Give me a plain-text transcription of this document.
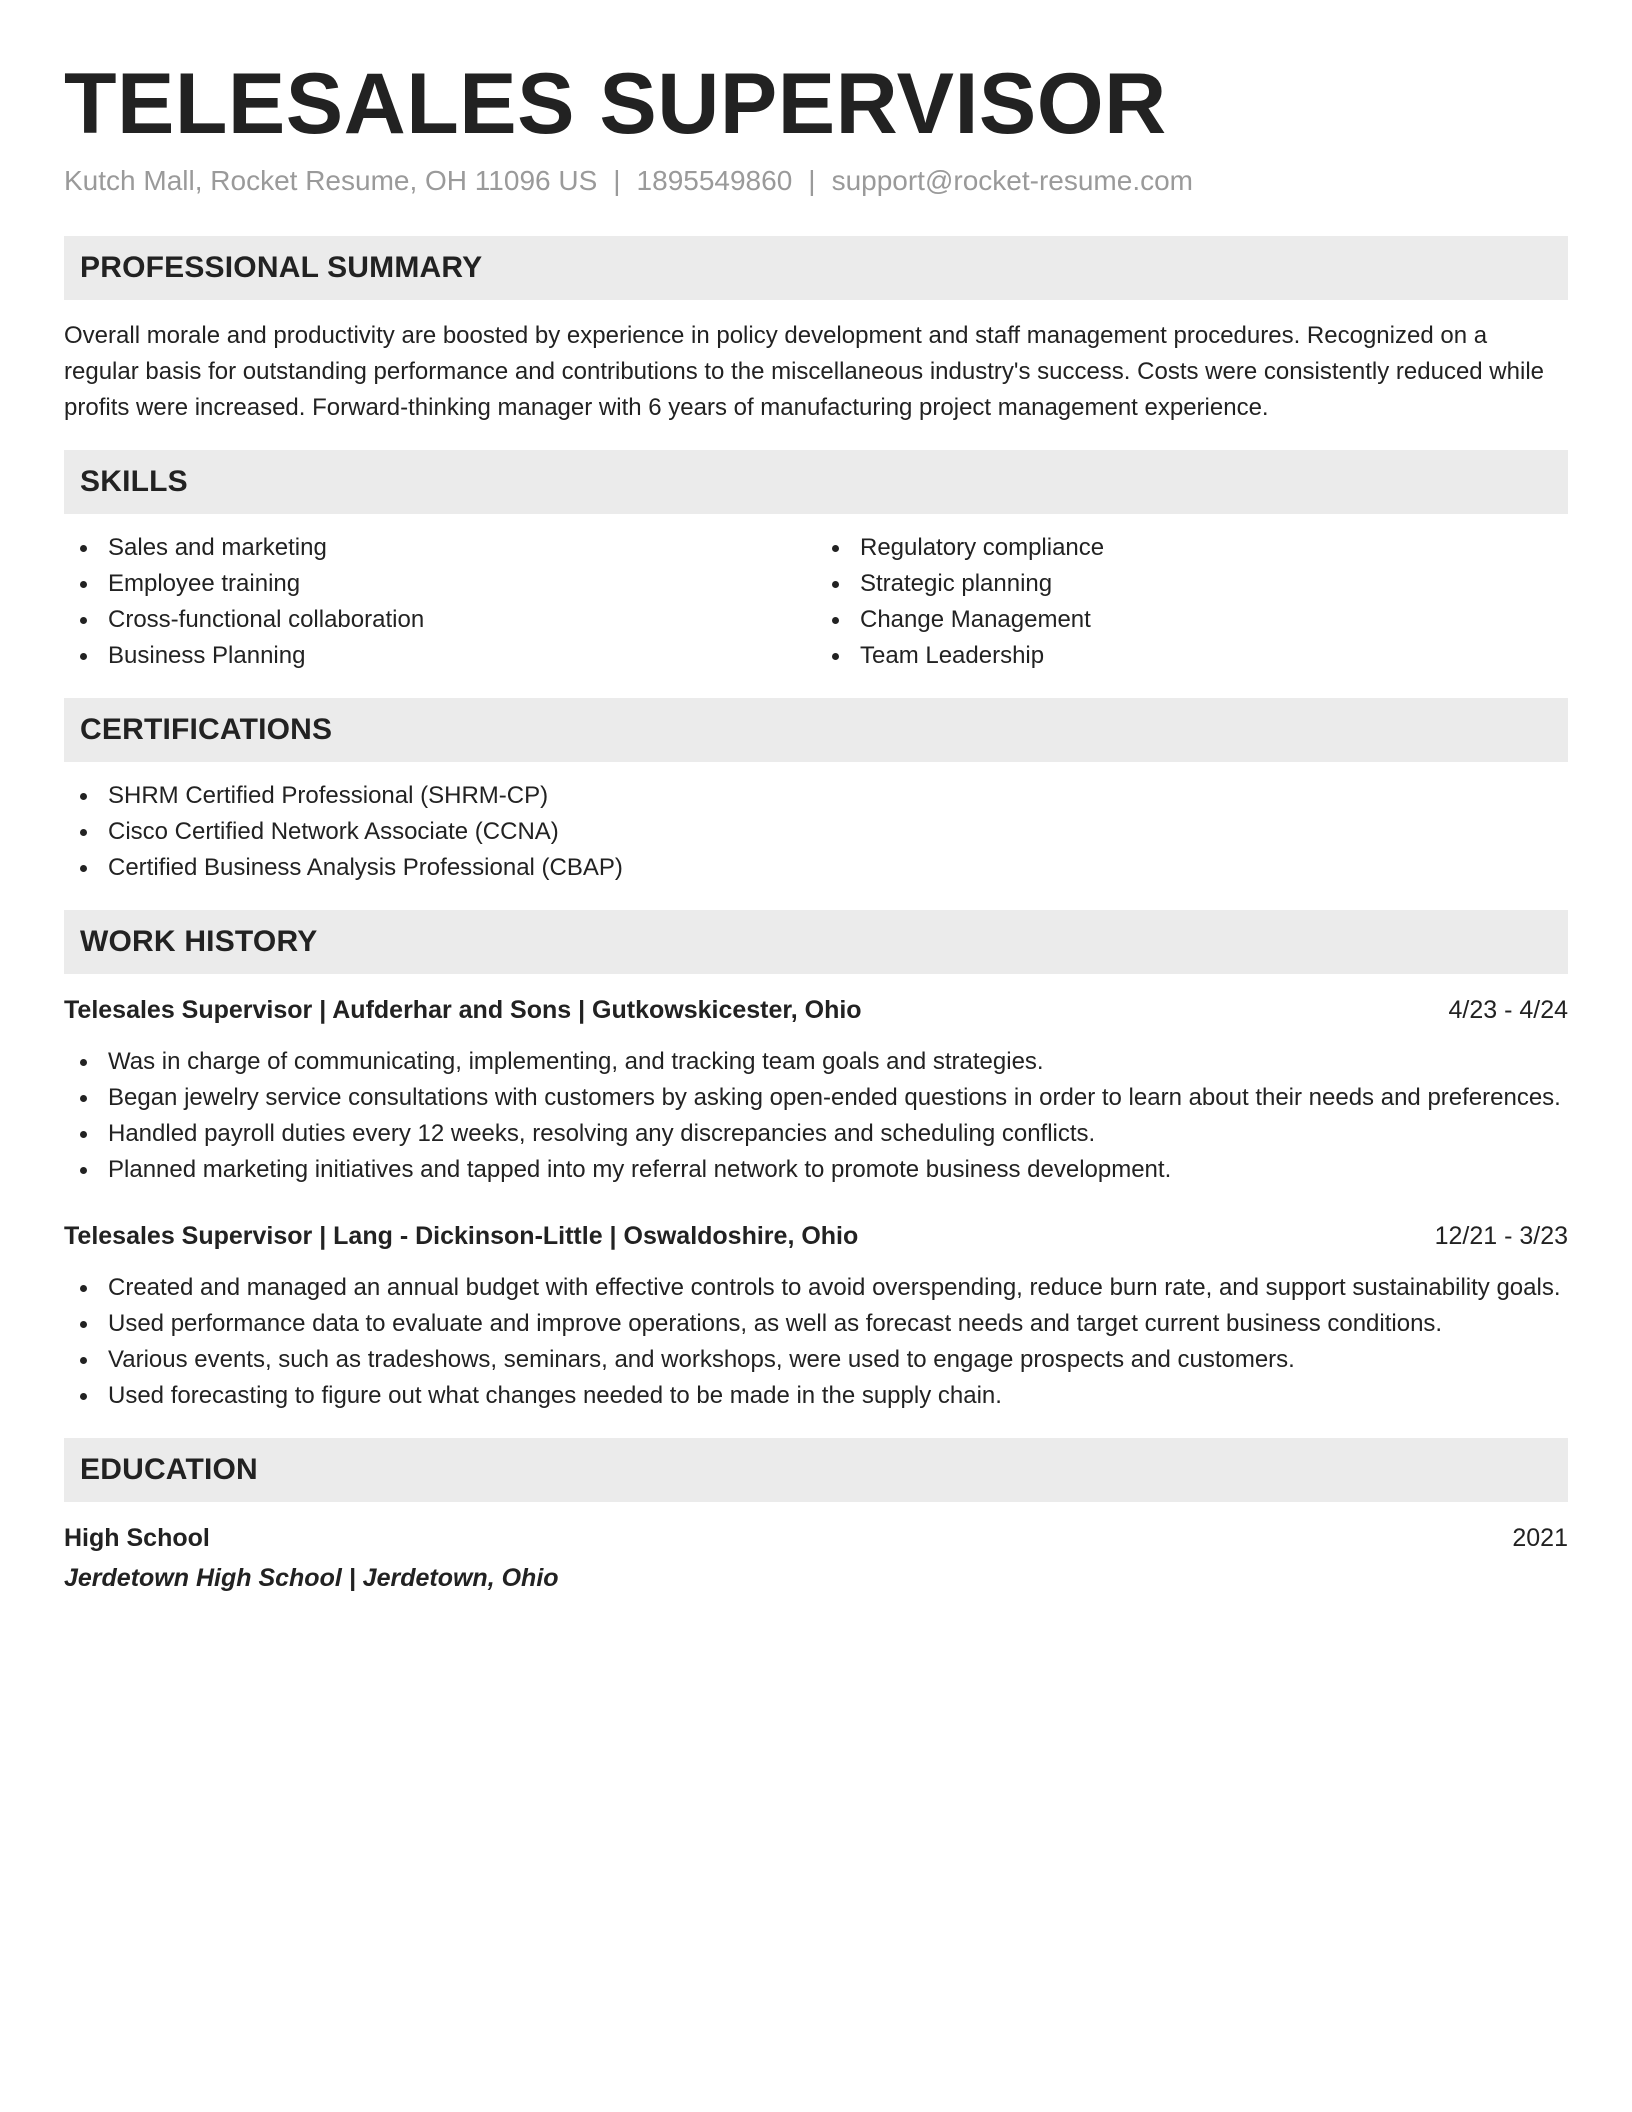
TELESALES SUPERVISOR
Kutch Mall, Rocket Resume, OH 11096 US | 1895549860 | support@rocket-resume.com
PROFESSIONAL SUMMARY
Overall morale and productivity are boosted by experience in policy development and staff management procedures. Recognized on a regular basis for outstanding performance and contributions to the miscellaneous industry's success. Costs were consistently reduced while profits were increased. Forward-thinking manager with 6 years of manufacturing project management experience.
SKILLS
Sales and marketing
Employee training
Cross-functional collaboration
Business Planning
Regulatory compliance
Strategic planning
Change Management
Team Leadership
CERTIFICATIONS
SHRM Certified Professional (SHRM-CP)
Cisco Certified Network Associate (CCNA)
Certified Business Analysis Professional (CBAP)
WORK HISTORY
Telesales Supervisor | Aufderhar and Sons | Gutkowskicester, Ohio	4/23 - 4/24
Was in charge of communicating, implementing, and tracking team goals and strategies.
Began jewelry service consultations with customers by asking open-ended questions in order to learn about their needs and preferences.
Handled payroll duties every 12 weeks, resolving any discrepancies and scheduling conflicts.
Planned marketing initiatives and tapped into my referral network to promote business development.
Telesales Supervisor | Lang - Dickinson-Little | Oswaldoshire, Ohio	12/21 - 3/23
Created and managed an annual budget with effective controls to avoid overspending, reduce burn rate, and support sustainability goals.
Used performance data to evaluate and improve operations, as well as forecast needs and target current business conditions.
Various events, such as tradeshows, seminars, and workshops, were used to engage prospects and customers.
Used forecasting to figure out what changes needed to be made in the supply chain.
EDUCATION
High School	2021
Jerdetown High School | Jerdetown, Ohio
